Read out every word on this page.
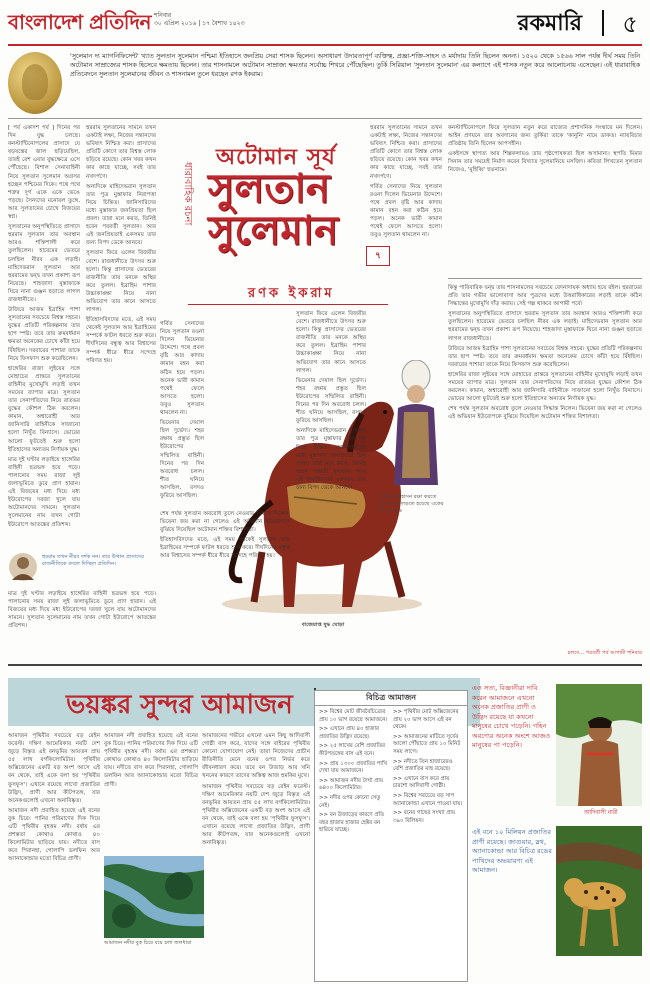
বাংলাদেশ প্রতিদিন শনিবার
৩০ এপ্রিল ২০১৬ | ১৭ বৈশাখ ১৪২৩	রকমারি ৫
'সুলেমান দ্য ম্যাগনিফিসেন্ট' খ্যাত সুলতান সুলেমান পশ্চিমা ইতিহাসে জনপ্রিয় সেরা শাসক ছিলেন। অসাধারণ উদারতাপূর্ণ ব্যক্তিত্ব, প্রজ্ঞা-শক্তি-সাহস ও মর্যাদায় তিনি ছিলেন অনন্য। ১৫২০ থেকে ১৫৬৬ সাল পর্যন্ত দীর্ঘ সময় তিনি অটোমান সাম্রাজ্যের শাসক হিসেবে ক্ষমতায় ছিলেন। তার শাসনামলে অটোমান সাম্রাজ্য ক্ষমতার সর্বোচ্চ শিখরে পৌঁছেছিল। তুর্কি সিরিয়াল 'সুলতান সুলেমান' এর কল্যাণে এই শাসক নতুন করে আলোচনায় এসেছেন। এই ধারাবাহিক প্রতিবেদনে সুলতান সুলেমানের জীবন ও শাসনামল তুলে ধরছেন রণক ইকরাম।

[ পর্ব একাদশ পর্ব ] দিনের পর দিন যুদ্ধ চলছে। কনস্টান্টিনোপলের প্রাসাদে যে ষড়যন্ত্রের জাল ছড়িয়েছিল, তারই রেশ এবার যুদ্ধক্ষেত্রে এসে পৌঁছেছে। বিশাল সেনাবাহিনী নিয়ে সুলতান সুলেমান অগ্রসর হচ্ছেন পশ্চিমের দিকে। পথে পথে শত্রুর দুর্গ একে একে ভেঙে পড়ছে। সৈন্যদের মনোবল তুঙ্গে, আর সুলতানের চোখে বিজয়ের স্বপ্ন।

সুলতানের অনুপস্থিতিতে প্রাসাদে হুররাম সুলতান তার অবস্থান আরও শক্তিশালী করে তুলছিলেন। হারেমের ভেতরে চলছিল নীরব এক লড়াই। মাহিদেভরান সুলতান আর হুররামের দ্বন্দ্ব তখন প্রকাশ্য রূপ নিয়েছে। শাহজাদা মুস্তাফাকে ঘিরে নানা গুঞ্জন ছড়াতে লাগল রাজধানীতে।

উজিরে আজম ইব্রাহিম পাশা সুলতানের সবচেয়ে বিশ্বস্ত সহচর। যুদ্ধের প্রতিটি পরিকল্পনায় তার ছাপ স্পষ্ট। তবে তার ক্রমবর্ধমান ক্ষমতা অনেকের চোখে কাঁটা হয়ে বিঁধছিল। দরবারের পাশারা তাকে নিয়ে ফিসফাস শুরু করেছিলেন।

হাঙ্গেরির রাজা লুইয়ের সঙ্গে মোহাচের প্রান্তরে সুলতানের বাহিনীর মুখোমুখি লড়াই তখন সময়ের ব্যাপার মাত্র। সুলতান তার সেনাপতিদের নিয়ে রাতভর যুদ্ধের কৌশল ঠিক করলেন। কামান, অশ্বারোহী আর জানিসারি বাহিনীকে সাজানো হলো নিখুঁত বিন্যাসে। ভোরের আলো ফুটতেই শুরু হলো ইতিহাসের অন্যতম নির্ণায়ক যুদ্ধ।

মাত্র দুই ঘণ্টার লড়াইয়ে হাঙ্গেরির বাহিনী ছত্রভঙ্গ হয়ে পড়ে। পালানোর সময় রাজা লুই জলাভূমিতে ডুবে প্রাণ হারান। এই বিজয়ের মধ্য দিয়ে মধ্য ইউরোপের দরজা খুলে যায় অটোমানদের সামনে। সুলতান সুলেমানের নাম তখন গোটা ইউরোপে আতঙ্কের প্রতিশব্দ।

হুররাম সুলতানের সামনে তখন একটাই লক্ষ্য, নিজের সন্তানদের ভবিষ্যৎ নিশ্চিত করা। প্রাসাদের প্রতিটি কোণে তার বিশ্বস্ত লোক ছড়িয়ে রয়েছে। কোন খবর কখন কার কাছে যাচ্ছে, সবই তার নখদর্পণে।

অন্যদিকে মাহিদেভরান সুলতান তার পুত্র মুস্তাফার নিরাপত্তা নিয়ে চিন্তিত। জানিসারিদের মধ্যে মুস্তাফার জনপ্রিয়তা ছিল প্রবল। তারা মনে করত, তিনিই হবেন পরবর্তী সুলতান। আর এই জনপ্রিয়তাই একসময় তার জন্য বিপদ ডেকে আনবে।

সুলতান ফিরে এলেন বিজয়ীর বেশে। রাজধানীতে উৎসব শুরু হলো। কিন্তু প্রাসাদের ভেতরের রাজনীতি তার মনকে অস্থির করে তুলল। ইব্রাহিম পাশার উচ্চাকাঙ্ক্ষা নিয়ে নানা অভিযোগ তার কানে আসতে লাগল।

ইতিহাসবিদদের মতে, এই সময় থেকেই সুলতান আর ইব্রাহিমের সম্পর্কে ফাটল ধরতে শুরু করে। দীর্ঘদিনের বন্ধুত্ব আর বিশ্বাসের সম্পর্ক ধীরে ধীরে সন্দেহে পরিণত হয়।

হুররাম তখন নীরব দর্শক নন। তার উত্থান প্রাসাদের রাজনীতিকে বদলে দিচ্ছিল প্রতিদিন।

মাত্র দুই ঘণ্টার লড়াইয়ে হাঙ্গেরির বাহিনী ছত্রভঙ্গ হয়ে পড়ে। পালানোর সময় রাজা লুই জলাভূমিতে ডুবে প্রাণ হারান। এই বিজয়ের মধ্য দিয়ে মধ্য ইউরোপের দরজা খুলে যায় অটোমানদের সামনে। সুলতান সুলেমানের নাম তখন গোটা ইউরোপে আতঙ্কের প্রতিশব্দ।

অটোমান সূর্য
ধারাবাহিক রচনা সুলতান সুলেমান
৭
রণক ইকরাম
বাজেয়াপ্ত যুদ্ধ ঘোড়া

গর্বিত সেনাদের নিয়ে সুলতান রওনা দিলেন ভিয়েনার উদ্দেশে। পথে প্রবল বৃষ্টি আর কাদায় কামান বহন করা কঠিন হয়ে পড়ল। অনেক ভারী কামান পথেই ফেলে আসতে হলো। তবুও সুলতান থামলেন না।

ভিয়েনার দেয়াল ছিল দুর্ভেদ্য। শহর রক্ষায় প্রস্তুত ছিল ইউরোপের সম্মিলিত বাহিনী। দিনের পর দিন অবরোধ চলল। শীত ঘনিয়ে আসছিল, রসদও ফুরিয়ে আসছিল।

শেষ পর্যন্ত সুলতান অবরোধ তুলে নেওয়ার সিদ্ধান্ত নিলেন। ভিয়েনা জয় করা না গেলেও এই অভিযান ইউরোপকে বুঝিয়ে দিয়েছিল অটোমান শক্তির বিশালতা।

ইতিহাসবিদদের মতে, এই সময় থেকেই সুলতান আর ইব্রাহিমের সম্পর্কে ফাটল ধরতে শুরু করে। দীর্ঘদিনের বন্ধুত্ব আর বিশ্বাসের সম্পর্ক ধীরে ধীরে সন্দেহে পরিণত হয়।

সুলতান ফিরে এলেন বিজয়ীর বেশে। রাজধানীতে উৎসব শুরু হলো। কিন্তু প্রাসাদের ভেতরের রাজনীতি তার মনকে অস্থির করে তুলল। ইব্রাহিম পাশার উচ্চাকাঙ্ক্ষা নিয়ে নানা অভিযোগ তার কানে আসতে লাগল।

ভিয়েনার দেয়াল ছিল দুর্ভেদ্য। শহর রক্ষায় প্রস্তুত ছিল ইউরোপের সম্মিলিত বাহিনী। দিনের পর দিন অবরোধ চলল। শীত ঘনিয়ে আসছিল, রসদও ফুরিয়ে আসছিল।

অন্যদিকে মাহিদেভরান সুলতান তার পুত্র মুস্তাফার নিরাপত্তা নিয়ে চিন্তিত। জানিসারিদের মধ্যে মুস্তাফার জনপ্রিয়তা ছিল প্রবল। তারা মনে করত, তিনিই হবেন পরবর্তী সুলতান। আর এই জনপ্রিয়তাই একসময় তার জন্য বিপদ ডেকে আনবে।

হুররাম সুলতানের সামনে তখন একটাই লক্ষ্য, নিজের সন্তানদের ভবিষ্যৎ নিশ্চিত করা। প্রাসাদের প্রতিটি কোণে তার বিশ্বস্ত লোক ছড়িয়ে রয়েছে। কোন খবর কখন কার কাছে যাচ্ছে, সবই তার নখদর্পণে।

গর্বিত সেনাদের নিয়ে সুলতান রওনা দিলেন ভিয়েনার উদ্দেশে। পথে প্রবল বৃষ্টি আর কাদায় কামান বহন করা কঠিন হয়ে পড়ল। অনেক ভারী কামান পথেই ফেলে আসতে হলো। তবুও সুলতান থামলেন না।

সোনার সিংহাসন রক্ষা করতে সুলতানকে লড়তে হয়েছে একের পর এক যুদ্ধ

কনস্টান্টিনোপলে ফিরে সুলতান নতুন করে রাজ্যের প্রশাসনিক সংস্কারে মন দিলেন। আইন প্রণয়নে তার অবদানের জন্য তুর্কিরা তাকে 'কানুনি' নামে ডাকত। ন্যায়বিচার প্রতিষ্ঠায় তিনি ছিলেন আপসহীন।

একইসঙ্গে স্থাপত্য আর শিল্পকলায়ও তার পৃষ্ঠপোষকতা ছিল অসামান্য। স্থপতি মিমার সিনান তার সময়েই নির্মাণ করেন বিখ্যাত সুলেমানিয়ে মসজিদ। কবিতা লিখতেন সুলতান নিজেও, 'মুহিব্বি' ছদ্মনামে।

কিন্তু পারিবারিক দ্বন্দ্ব তার শাসনামলের সবচেয়ে বেদনাদায়ক অধ্যায় হয়ে রইল। হুররামের প্রতি তার গভীর ভালোবাসা আর পুত্রদের মধ্যে উত্তরাধিকারের লড়াই তাকে কঠিন সিদ্ধান্তের মুখোমুখি দাঁড় করায়। সেই গল্প থাকবে আগামী পর্বে।

সুলতানের অনুপস্থিতিতে প্রাসাদে হুররাম সুলতান তার অবস্থান আরও শক্তিশালী করে তুলছিলেন। হারেমের ভেতরে চলছিল নীরব এক লড়াই। মাহিদেভরান সুলতান আর হুররামের দ্বন্দ্ব তখন প্রকাশ্য রূপ নিয়েছে। শাহজাদা মুস্তাফাকে ঘিরে নানা গুঞ্জন ছড়াতে লাগল রাজধানীতে।

উজিরে আজম ইব্রাহিম পাশা সুলতানের সবচেয়ে বিশ্বস্ত সহচর। যুদ্ধের প্রতিটি পরিকল্পনায় তার ছাপ স্পষ্ট। তবে তার ক্রমবর্ধমান ক্ষমতা অনেকের চোখে কাঁটা হয়ে বিঁধছিল। দরবারের পাশারা তাকে নিয়ে ফিসফাস শুরু করেছিলেন।

হাঙ্গেরির রাজা লুইয়ের সঙ্গে মোহাচের প্রান্তরে সুলতানের বাহিনীর মুখোমুখি লড়াই তখন সময়ের ব্যাপার মাত্র। সুলতান তার সেনাপতিদের নিয়ে রাতভর যুদ্ধের কৌশল ঠিক করলেন। কামান, অশ্বারোহী আর জানিসারি বাহিনীকে সাজানো হলো নিখুঁত বিন্যাসে। ভোরের আলো ফুটতেই শুরু হলো ইতিহাসের অন্যতম নির্ণায়ক যুদ্ধ।

শেষ পর্যন্ত সুলতান অবরোধ তুলে নেওয়ার সিদ্ধান্ত নিলেন। ভিয়েনা জয় করা না গেলেও এই অভিযান ইউরোপকে বুঝিয়ে দিয়েছিল অটোমান শক্তির বিশালতা।

চলবে... পরবর্তী পর্ব আগামী শনিবার
ভয়ঙ্কর সুন্দর আমাজন

আমাজন পৃথিবীর সবচেয়ে বড় রেইন ফরেস্ট। দক্ষিণ আমেরিকার নয়টি দেশ জুড়ে বিস্তৃত এই বনভূমির আয়তন প্রায় ৫৫ লাখ বর্গকিলোমিটার। পৃথিবীর অক্সিজেনের একটি বড় অংশ আসে এই বন থেকে, তাই একে বলা হয় 'পৃথিবীর ফুসফুস'। এখানে রয়েছে লাখো প্রজাতির উদ্ভিদ, প্রাণী আর কীটপতঙ্গ, যার অনেকগুলোই এখনো অনাবিষ্কৃত।

আমাজন নদী প্রবাহিত হয়েছে এই বনের বুক চিরে। পানির পরিমাণের দিক দিয়ে এটি পৃথিবীর বৃহত্তম নদী। বর্ষায় এর প্রশস্ততা কোথাও কোথাও ৪০ কিলোমিটার ছাড়িয়ে যায়। নদীতে বাস করে পিরানহা, গোলাপি ডলফিন আর অ্যানাকোন্ডার মতো বিচিত্র প্রাণী।

আমাজন নদী প্রবাহিত হয়েছে এই বনের বুক চিরে। পানির পরিমাণের দিক দিয়ে এটি পৃথিবীর বৃহত্তম নদী। বর্ষায় এর প্রশস্ততা কোথাও কোথাও ৪০ কিলোমিটার ছাড়িয়ে যায়। নদীতে বাস করে পিরানহা, গোলাপি ডলফিন আর অ্যানাকোন্ডার মতো বিচিত্র প্রাণী।

আমাজনের গভীরে এখনো এমন কিছু আদিবাসী গোষ্ঠী বাস করে, যাদের সঙ্গে বাইরের পৃথিবীর কোনো যোগাযোগ নেই। তারা নিজেদের প্রাচীন রীতিনীতি মেনে বনের ওপর নির্ভর করে জীবনধারণ করে। তবে বন উজাড় আর খনি খননের কারণে তাদের অস্তিত্ব আজ হুমকির মুখে।

আমাজন পৃথিবীর সবচেয়ে বড় রেইন ফরেস্ট। দক্ষিণ আমেরিকার নয়টি দেশ জুড়ে বিস্তৃত এই বনভূমির আয়তন প্রায় ৫৫ লাখ বর্গকিলোমিটার। পৃথিবীর অক্সিজেনের একটি বড় অংশ আসে এই বন থেকে, তাই একে বলা হয় 'পৃথিবীর ফুসফুস'। এখানে রয়েছে লাখো প্রজাতির উদ্ভিদ, প্রাণী আর কীটপতঙ্গ, যার অনেকগুলোই এখনো অনাবিষ্কৃত।

আমাজন নদীর বুক চিরে বয়ে চলা জলধারা
বিচিত্র আমাজন

>> বিশ্বের মোট জীববৈচিত্র্যের প্রায় ১০ ভাগ রয়েছে আমাজনে।

>> এখানে প্রায় ৪০ হাজার প্রজাতির উদ্ভিদ রয়েছে।

>> ২৫ লাখের বেশি প্রজাতির কীটপতঙ্গের বাস এই বনে।

>> প্রায় ১৩০০ প্রজাতির পাখি দেখা যায় আমাজনে।

>> আমাজন নদীর দৈর্ঘ্য প্রায় ৬৪০০ কিলোমিটার।

>> নদীর ওপর কোনো সেতু নেই।

>> বন উজাড়ের কারণে প্রতি বছর হাজার হাজার হেক্টর বন হারিয়ে যাচ্ছে।

>> পৃথিবীর মোট অক্সিজেনের প্রায় ২০ ভাগ আসে এই বন থেকে।

>> আমাজনের মাটিতে সূর্যের আলো পৌঁছাতে প্রায় ১০ মিনিট সময় লাগে।

>> নদীতে তিন হাজারেরও বেশি প্রজাতির মাছ রয়েছে।

>> এখানে বাস করে প্রায় চারশো আদিবাসী গোষ্ঠী।

>> বিশ্বের সবচেয়ে বড় সাপ অ্যানাকোন্ডা এখানে পাওয়া যায়।

>> বনের গাছের সংখ্যা প্রায় ৩৯০ বিলিয়ন।

এও সত্য, বিজ্ঞানীরা দাবি করেন আমাজনে এখনো অনেক প্রজাতির প্রাণী ও উদ্ভিদ রয়েছে যা কখনো মানুষের চোখে পড়েনি। গহিন অরণ্যের অনেক অংশে আজও মানুষের পা পড়েনি।
আদিবাসী নারী
এই বনে ১০ মিলিয়ন প্রজাতির প্রাণী রয়েছে। জাগুয়ার, স্লথ, অ্যানাকোন্ডা আর বিচিত্র রঙের পাখিদের অভয়ারণ্য এই আমাজন।
